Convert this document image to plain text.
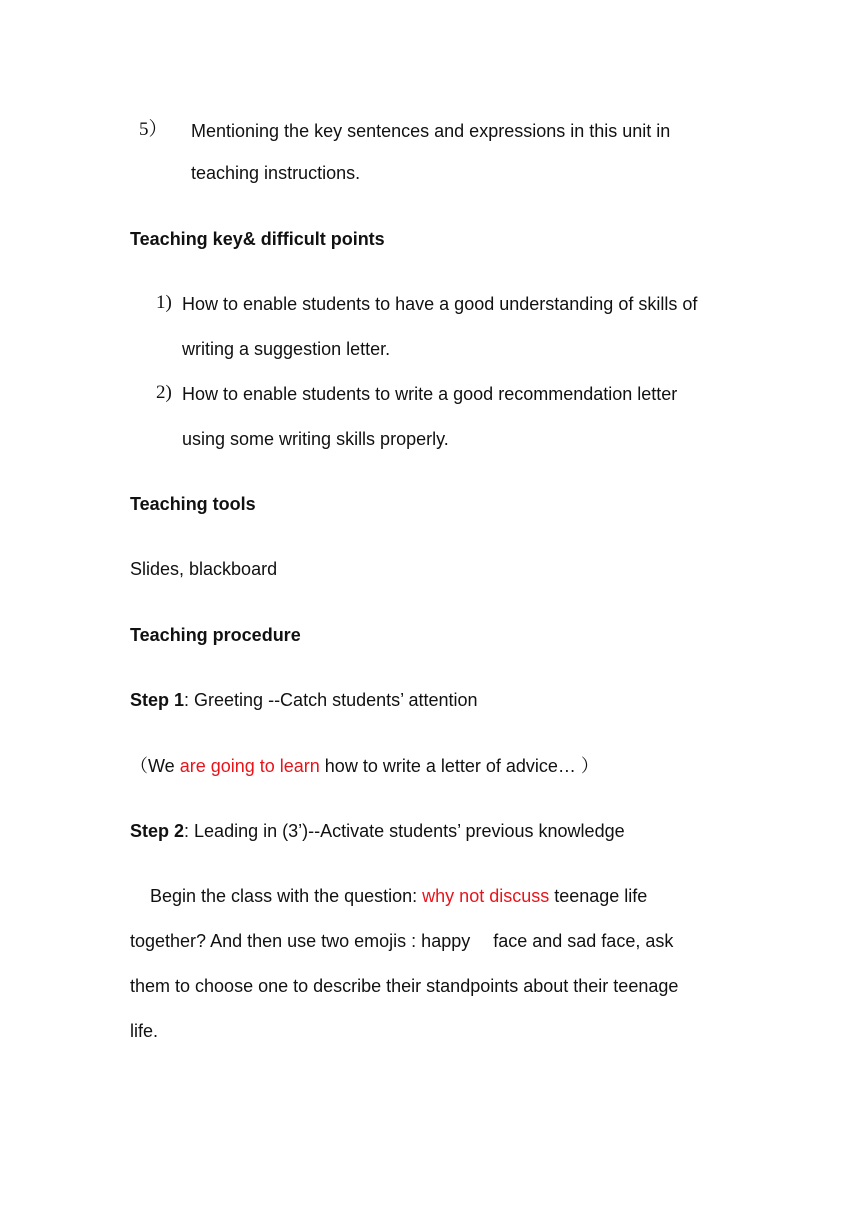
5） Mentioning the key sentences and expressions in this unit in
teaching instructions.
Teaching key& difficult points
1) How to enable students to have a good understanding of skills of
writing a suggestion letter.
2) How to enable students to write a good recommendation letter
using some writing skills properly.
Teaching tools
Slides, blackboard
Teaching procedure
Step 1: Greeting --Catch students’ attention
（We are going to learn how to write a letter of advice… ）
Step 2: Leading in (3’)--Activate students’ previous knowledge
Begin the class with the question: why not discuss teenage life
together? And then use two emojis : happy  face and sad face, ask
them to choose one to describe their standpoints about their teenage
life.
